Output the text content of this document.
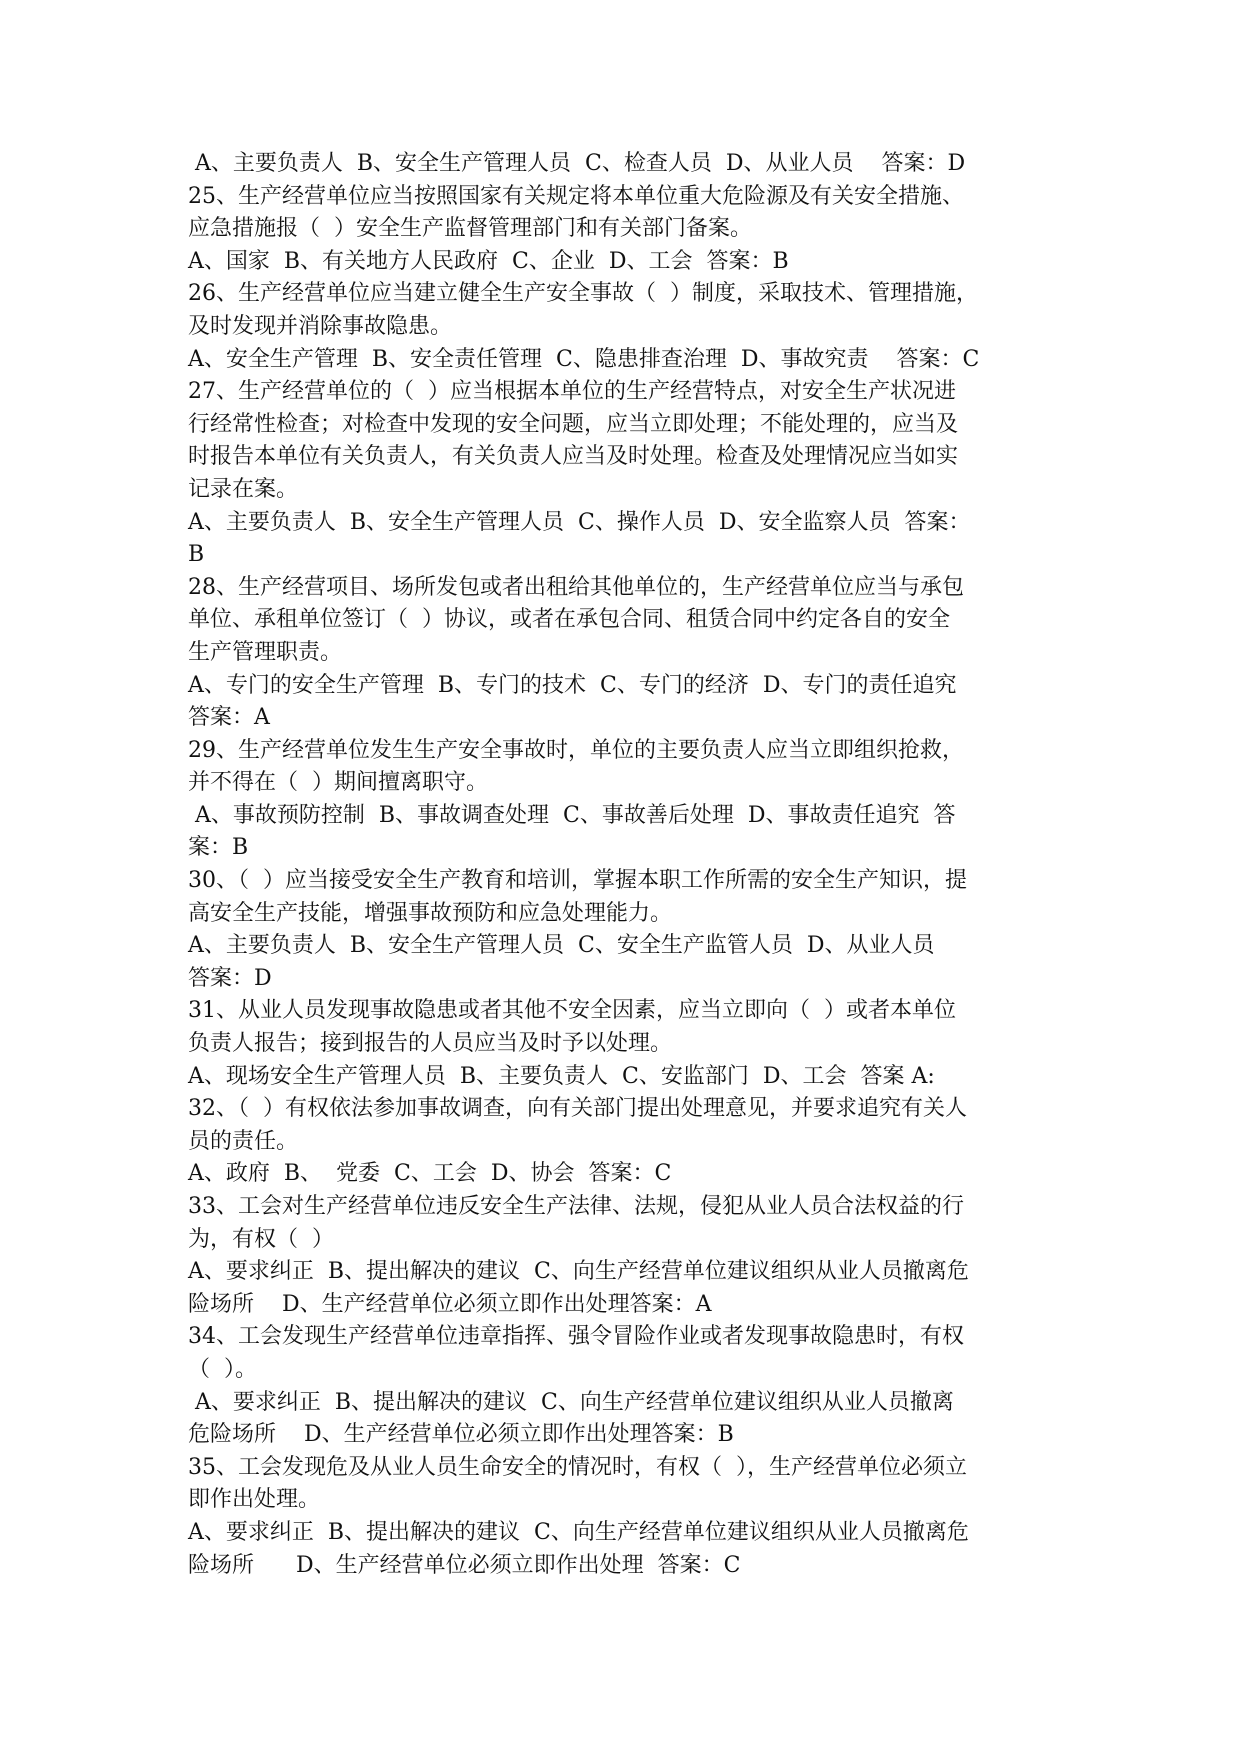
A、主要负责人  B、安全生产管理人员  C、检查人员  D、从业人员    答案：D
25、生产经营单位应当按照国家有关规定将本单位重大危险源及有关安全措施、
应急措施报（  ）安全生产监督管理部门和有关部门备案。
A、国家  B、有关地方人民政府  C、企业  D、工会  答案：B
26、生产经营单位应当建立健全生产安全事故（  ）制度，采取技术、管理措施，
及时发现并消除事故隐患。
A、安全生产管理  B、安全责任管理  C、隐患排查治理  D、事故究责    答案：C
27、生产经营单位的（  ）应当根据本单位的生产经营特点，对安全生产状况进
行经常性检查；对检查中发现的安全问题，应当立即处理；不能处理的，应当及
时报告本单位有关负责人，有关负责人应当及时处理。检查及处理情况应当如实
记录在案。
A、主要负责人  B、安全生产管理人员  C、操作人员  D、安全监察人员  答案：
B
28、生产经营项目、场所发包或者出租给其他单位的，生产经营单位应当与承包
单位、承租单位签订（  ）协议，或者在承包合同、租赁合同中约定各自的安全
生产管理职责。
A、专门的安全生产管理  B、专门的技术  C、专门的经济  D、专门的责任追究
答案：A
29、生产经营单位发生生产安全事故时，单位的主要负责人应当立即组织抢救，
并不得在（  ）期间擅离职守。
A、事故预防控制  B、事故调查处理  C、事故善后处理  D、事故责任追究  答
案：B
30、（  ）应当接受安全生产教育和培训，掌握本职工作所需的安全生产知识，提
高安全生产技能，增强事故预防和应急处理能力。
A、主要负责人  B、安全生产管理人员  C、安全生产监管人员  D、从业人员
答案：D
31、从业人员发现事故隐患或者其他不安全因素，应当立即向（  ）或者本单位
负责人报告；接到报告的人员应当及时予以处理。
A、现场安全生产管理人员  B、主要负责人  C、安监部门  D、工会  答案 A:
32、（  ）有权依法参加事故调查，向有关部门提出处理意见，并要求追究有关人
员的责任。
A、政府  B、  党委  C、工会  D、协会  答案：C
33、工会对生产经营单位违反安全生产法律、法规，侵犯从业人员合法权益的行
为，有权（  ）
A、要求纠正  B、提出解决的建议  C、向生产经营单位建议组织从业人员撤离危
险场所    D、生产经营单位必须立即作出处理答案：A
34、工会发现生产经营单位违章指挥、强令冒险作业或者发现事故隐患时，有权
（  ）。
A、要求纠正  B、提出解决的建议  C、向生产经营单位建议组织从业人员撤离
危险场所    D、生产经营单位必须立即作出处理答案：B
35、工会发现危及从业人员生命安全的情况时，有权（  ），生产经营单位必须立
即作出处理。
A、要求纠正  B、提出解决的建议  C、向生产经营单位建议组织从业人员撤离危
险场所      D、生产经营单位必须立即作出处理  答案：C
